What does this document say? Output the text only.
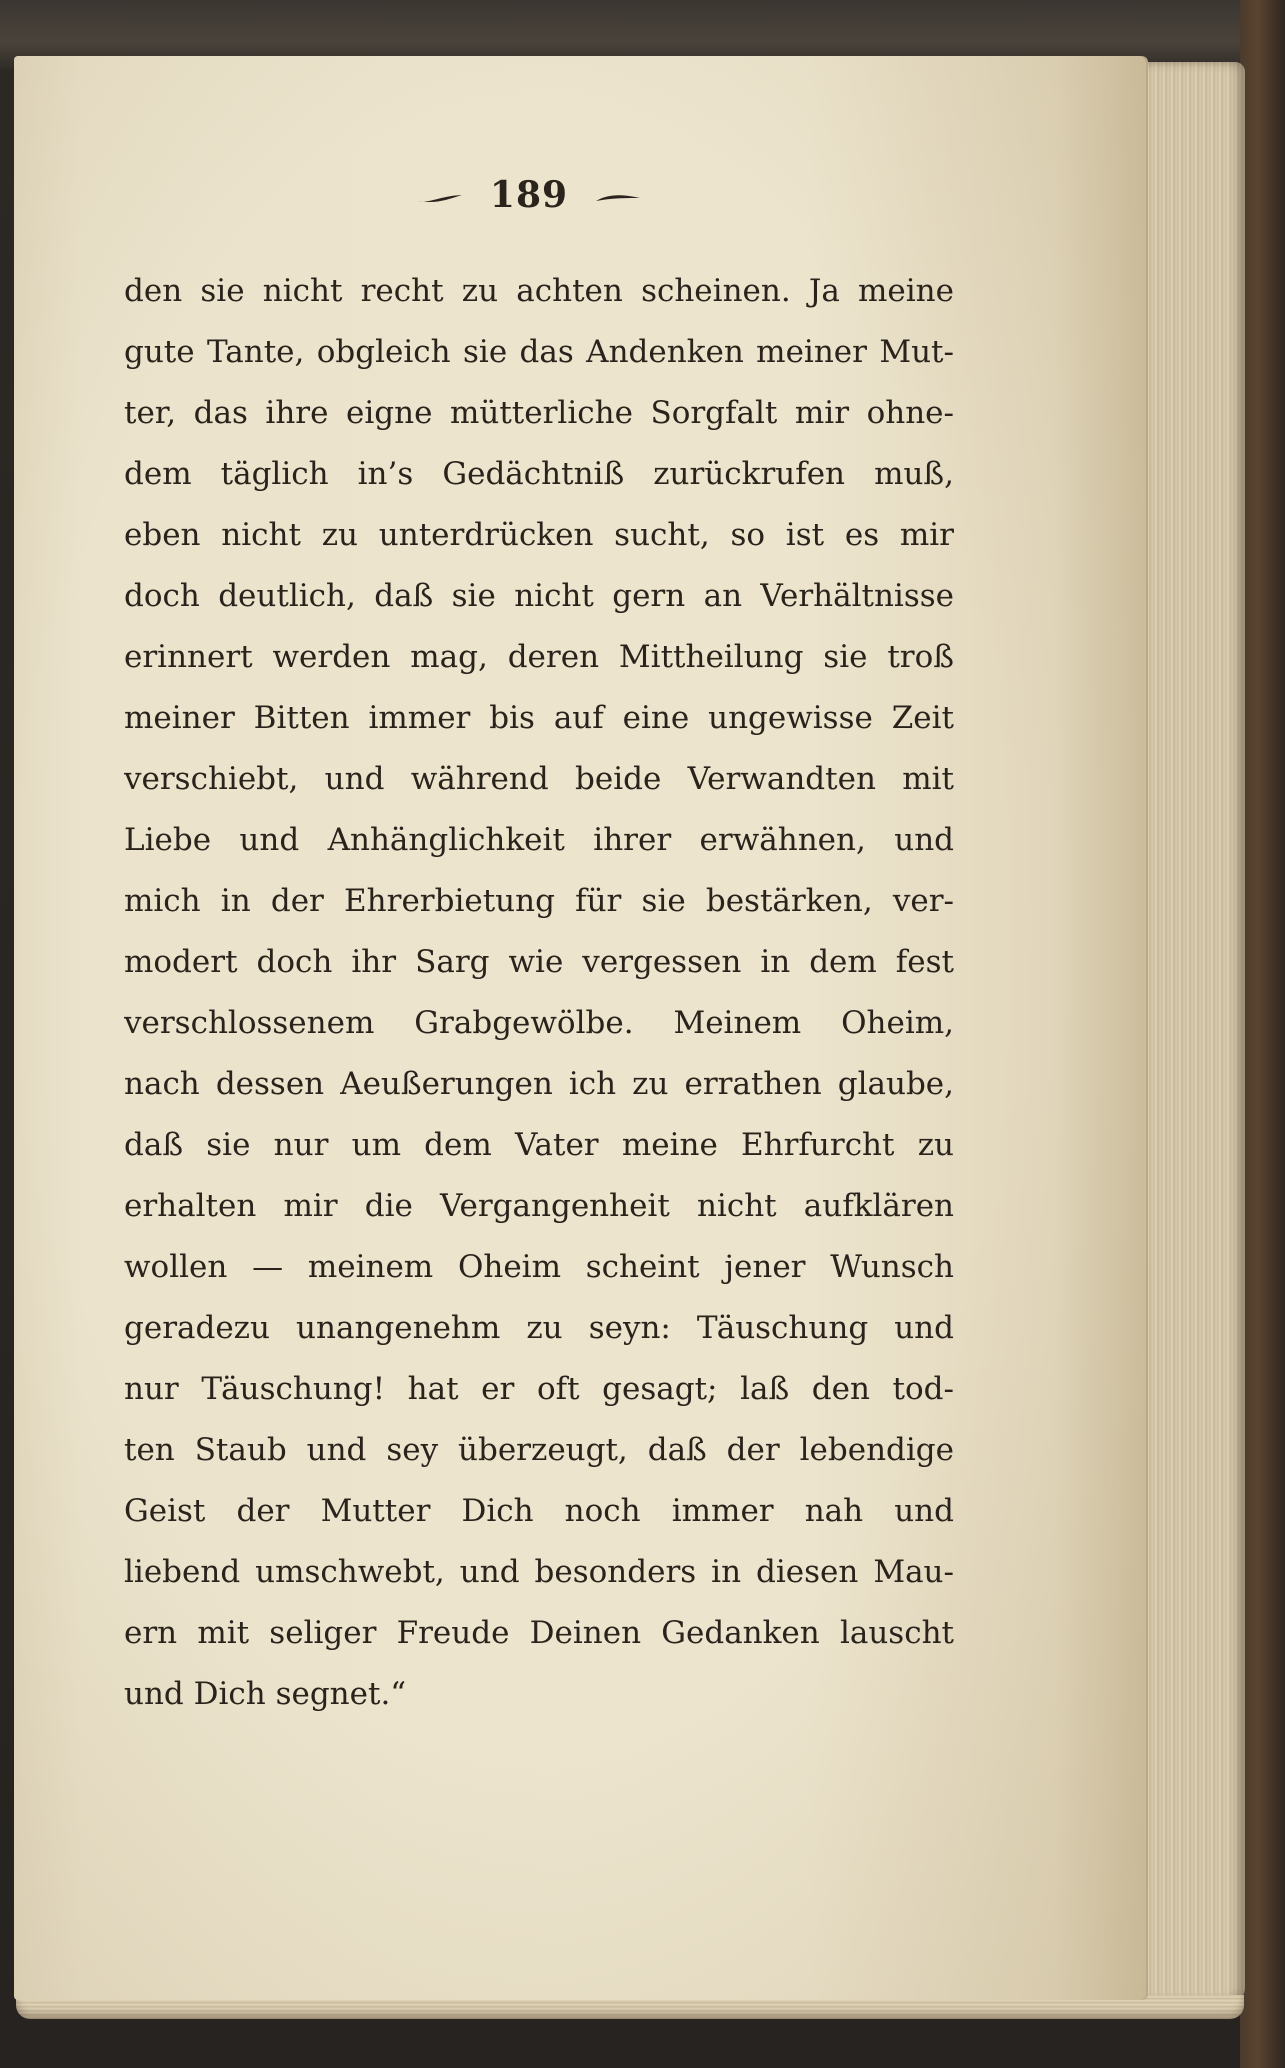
189
den sie nicht recht zu achten scheinen. Ja meine
gute Tante, obgleich sie das Andenken meiner Mut-
ter, das ihre eigne mütterliche Sorgfalt mir ohne-
dem täglich in’s Gedächtniß zurückrufen muß,
eben nicht zu unterdrücken sucht, so ist es mir
doch deutlich, daß sie nicht gern an Verhältnisse
erinnert werden mag, deren Mittheilung sie troß
meiner Bitten immer bis auf eine ungewisse Zeit
verschiebt, und während beide Verwandten mit
Liebe und Anhänglichkeit ihrer erwähnen, und
mich in der Ehrerbietung für sie bestärken, ver-
modert doch ihr Sarg wie vergessen in dem fest
verschlossenem Grabgewölbe. Meinem Oheim,
nach dessen Aeußerungen ich zu errathen glaube,
daß sie nur um dem Vater meine Ehrfurcht zu
erhalten mir die Vergangenheit nicht aufklären
wollen — meinem Oheim scheint jener Wunsch
geradezu unangenehm zu seyn: Täuschung und
nur Täuschung! hat er oft gesagt; laß den tod-
ten Staub und sey überzeugt, daß der lebendige
Geist der Mutter Dich noch immer nah und
liebend umschwebt, und besonders in diesen Mau-
ern mit seliger Freude Deinen Gedanken lauscht
und Dich segnet.“
